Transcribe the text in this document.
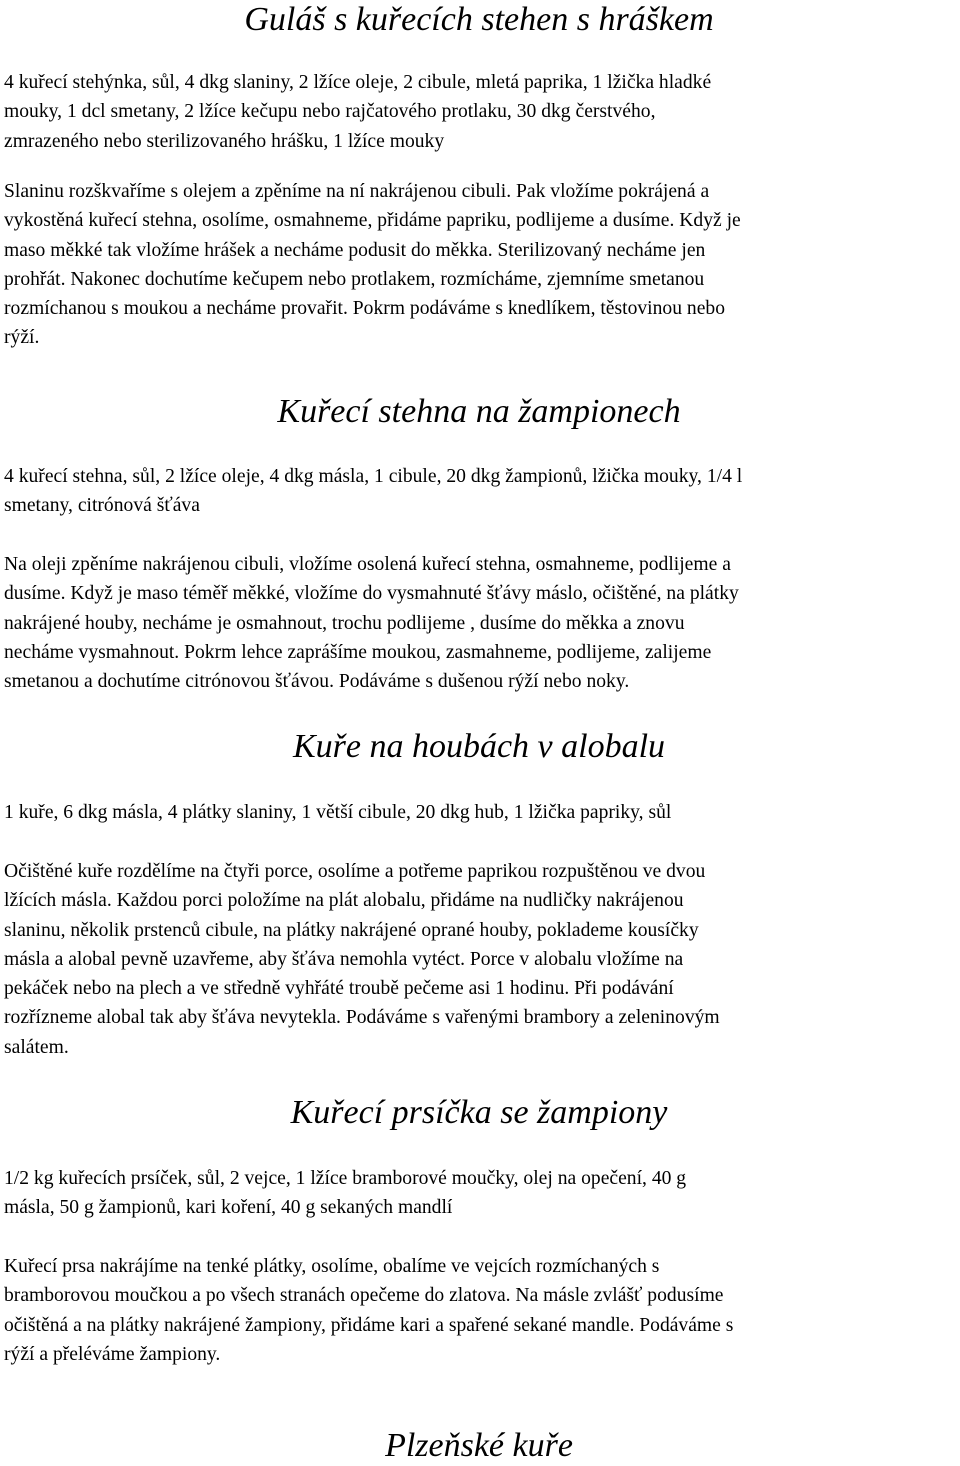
Guláš s kuřecích stehen s hráškem

4 kuřecí stehýnka, sůl, 4 dkg slaniny, 2 lžíce oleje, 2 cibule, mletá paprika, 1 lžička hladké
mouky, 1 dcl smetany, 2 lžíce kečupu nebo rajčatového protlaku, 30 dkg čerstvého,
zmrazeného nebo sterilizovaného hrášku, 1 lžíce mouky

Slaninu rozškvaříme s olejem a zpěníme na ní nakrájenou cibuli. Pak vložíme pokrájená a
vykostěná kuřecí stehna, osolíme, osmahneme, přidáme papriku, podlijeme a dusíme. Když je
maso měkké tak vložíme hrášek a necháme podusit do měkka. Sterilizovaný necháme jen
prohřát. Nakonec dochutíme kečupem nebo protlakem, rozmícháme, zjemníme smetanou
rozmíchanou s moukou a necháme provařit. Pokrm podáváme s knedlíkem, těstovinou nebo
rýží.

Kuřecí stehna na žampionech

4 kuřecí stehna, sůl, 2 lžíce oleje, 4 dkg másla, 1 cibule, 20 dkg žampionů, lžička mouky, 1/4 l
smetany, citrónová šťáva

Na oleji zpěníme nakrájenou cibuli, vložíme osolená kuřecí stehna, osmahneme, podlijeme a
dusíme. Když je maso téměř měkké, vložíme do vysmahnuté šťávy máslo, očištěné, na plátky
nakrájené houby, necháme je osmahnout, trochu podlijeme , dusíme do měkka a znovu
necháme vysmahnout. Pokrm lehce zaprášíme moukou, zasmahneme, podlijeme, zalijeme
smetanou a dochutíme citrónovou šťávou. Podáváme s dušenou rýží nebo noky.

Kuře na houbách v alobalu

1 kuře, 6 dkg másla, 4 plátky slaniny, 1 větší cibule, 20 dkg hub, 1 lžička papriky, sůl

Očištěné kuře rozdělíme na čtyři porce, osolíme a potřeme paprikou rozpuštěnou ve dvou
lžících másla. Každou porci položíme na plát alobalu, přidáme na nudličky nakrájenou
slaninu, několik prstenců cibule, na plátky nakrájené oprané houby, poklademe kousíčky
másla a alobal pevně uzavřeme, aby šťáva nemohla vytéct. Porce v alobalu vložíme na
pekáček nebo na plech a ve středně vyhřáté troubě pečeme asi 1 hodinu. Při podávání
rozřízneme alobal tak aby šťáva nevytekla. Podáváme s vařenými brambory a zeleninovým
salátem.

Kuřecí prsíčka se žampiony

1/2 kg kuřecích prsíček, sůl, 2 vejce, 1 lžíce bramborové moučky, olej na opečení, 40 g
másla, 50 g žampionů, kari koření, 40 g sekaných mandlí

Kuřecí prsa nakrájíme na tenké plátky, osolíme, obalíme ve vejcích rozmíchaných s
bramborovou moučkou a po všech stranách opečeme do zlatova. Na másle zvlášť podusíme
očištěná a na plátky nakrájené žampiony, přidáme kari a spařené sekané mandle. Podáváme s
rýží a přeléváme žampiony.

Plzeňské kuře
